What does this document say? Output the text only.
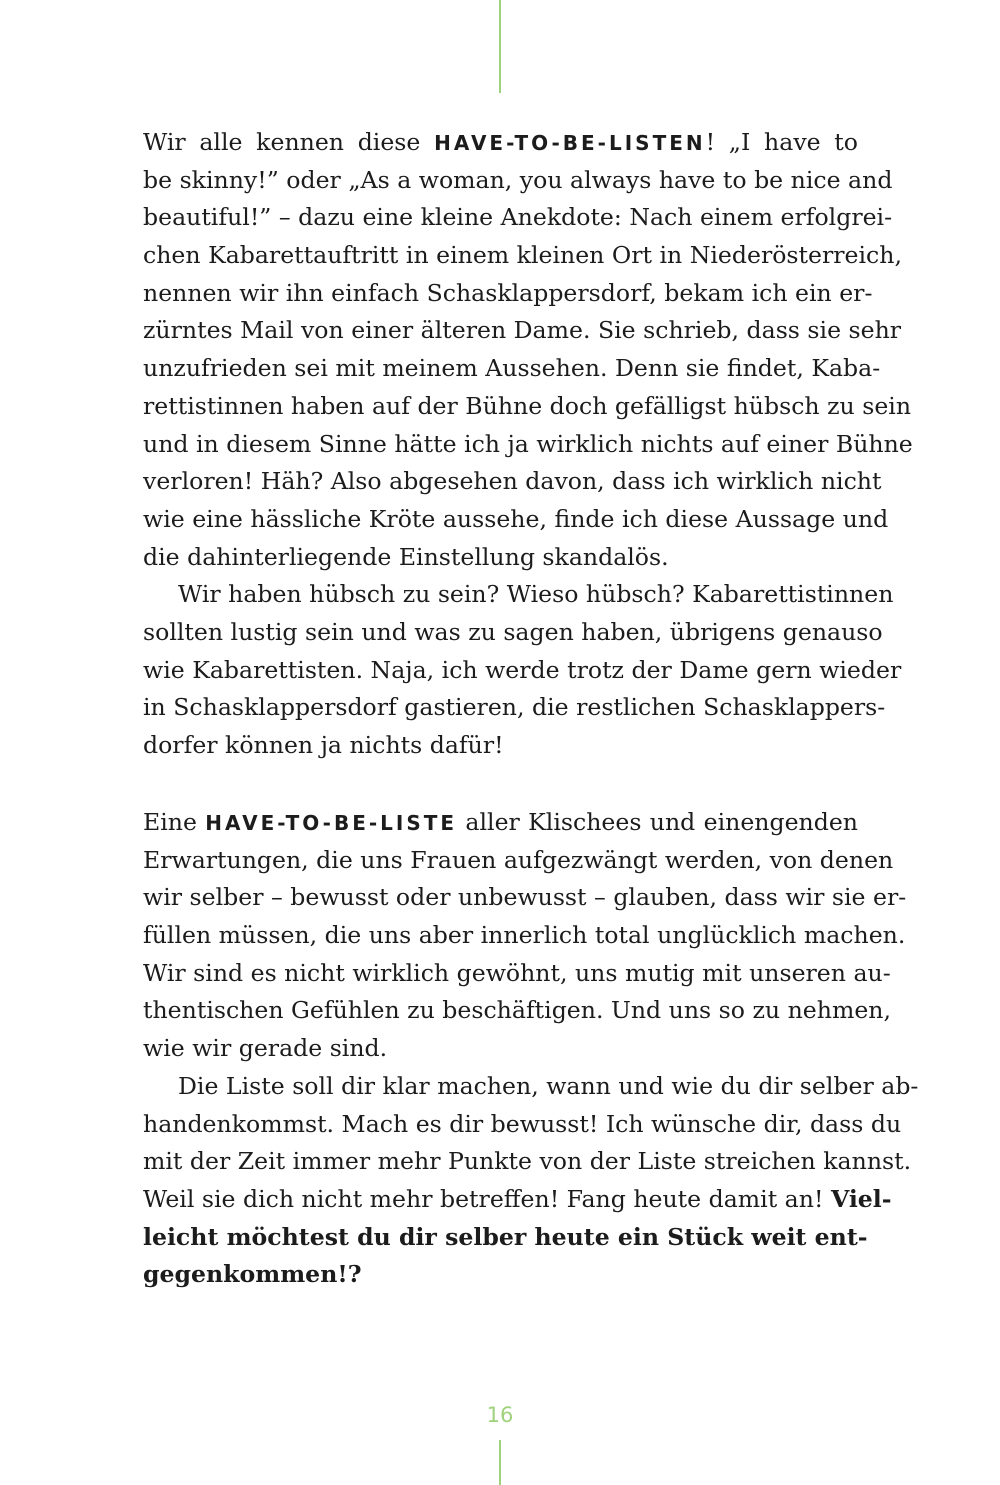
Wir alle kennen diese HAVE-TO-BE-LISTEN! „I have to
be skinny!” oder „As a woman, you always have to be nice and
beautiful!” – dazu eine kleine Anekdote: Nach einem erfolgrei-
chen Kabarettauftritt in einem kleinen Ort in Niederösterreich,
nennen wir ihn einfach Schasklappersdorf, bekam ich ein er-
zürntes Mail von einer älteren Dame. Sie schrieb, dass sie sehr
unzufrieden sei mit meinem Aussehen. Denn sie findet, Kaba-
rettistinnen haben auf der Bühne doch gefälligst hübsch zu sein
und in diesem Sinne hätte ich ja wirklich nichts auf einer Bühne
verloren! Häh? Also abgesehen davon, dass ich wirklich nicht
wie eine hässliche Kröte aussehe, finde ich diese Aussage und
die dahinterliegende Einstellung skandalös.
Wir haben hübsch zu sein? Wieso hübsch? Kabarettistinnen
sollten lustig sein und was zu sagen haben, übrigens genauso
wie Kabarettisten. Naja, ich werde trotz der Dame gern wieder
in Schasklappersdorf gastieren, die restlichen Schasklappers-
dorfer können ja nichts dafür!
Eine HAVE-TO-BE-LISTE aller Klischees und einengenden
Erwartungen, die uns Frauen aufgezwängt werden, von denen
wir selber – bewusst oder unbewusst – glauben, dass wir sie er-
füllen müssen, die uns aber innerlich total unglücklich machen.
Wir sind es nicht wirklich gewöhnt, uns mutig mit unseren au-
thentischen Gefühlen zu beschäftigen. Und uns so zu nehmen,
wie wir gerade sind.
Die Liste soll dir klar machen, wann und wie du dir selber ab-
handenkommst. Mach es dir bewusst! Ich wünsche dir, dass du
mit der Zeit immer mehr Punkte von der Liste streichen kannst.
Weil sie dich nicht mehr betreffen! Fang heute damit an! Viel-
leicht möchtest du dir selber heute ein Stück weit ent-
gegenkommen!?
16
